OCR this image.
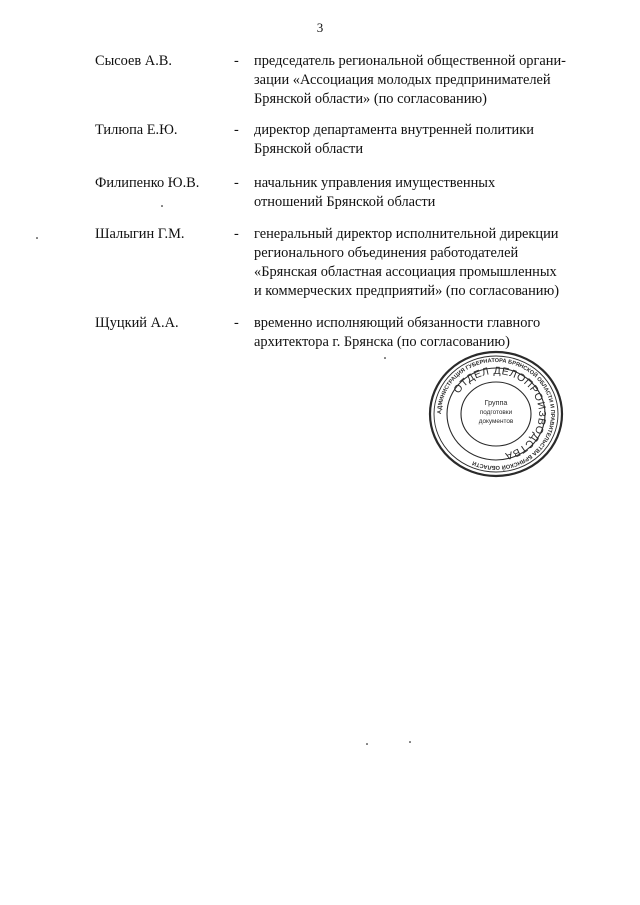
3
Сысоев А.В.	- председатель региональной общественной органи-
зации «Ассоциация молодых предпринимателей
Брянской области» (по согласованию)
Тилюпа Е.Ю.	- директор департамента внутренней политики
Брянской области
Филипенко Ю.В. - начальник управления имущественных
отношений Брянской области
Шалыгин Г.М.	- генеральный директор исполнительной дирекции
регионального объединения работодателей
«Брянская областная ассоциация промышленных
и коммерческих предприятий» (по согласованию)
Щуцкий А.А.	- временно исполняющий обязанности главного
архитектора г. Брянска (по согласованию)
АДМИНИСТРАЦИЯ ГУБЕРНАТОРА БРЯНСКОЙ ОБЛАСТИ И ПРАВИТЕЛЬСТВА БРЯНСКОЙ ОБЛАСТИ
ОТДЕЛ ДЕЛОПРОИЗВОДСТВА
Группа
подготовки
документов
